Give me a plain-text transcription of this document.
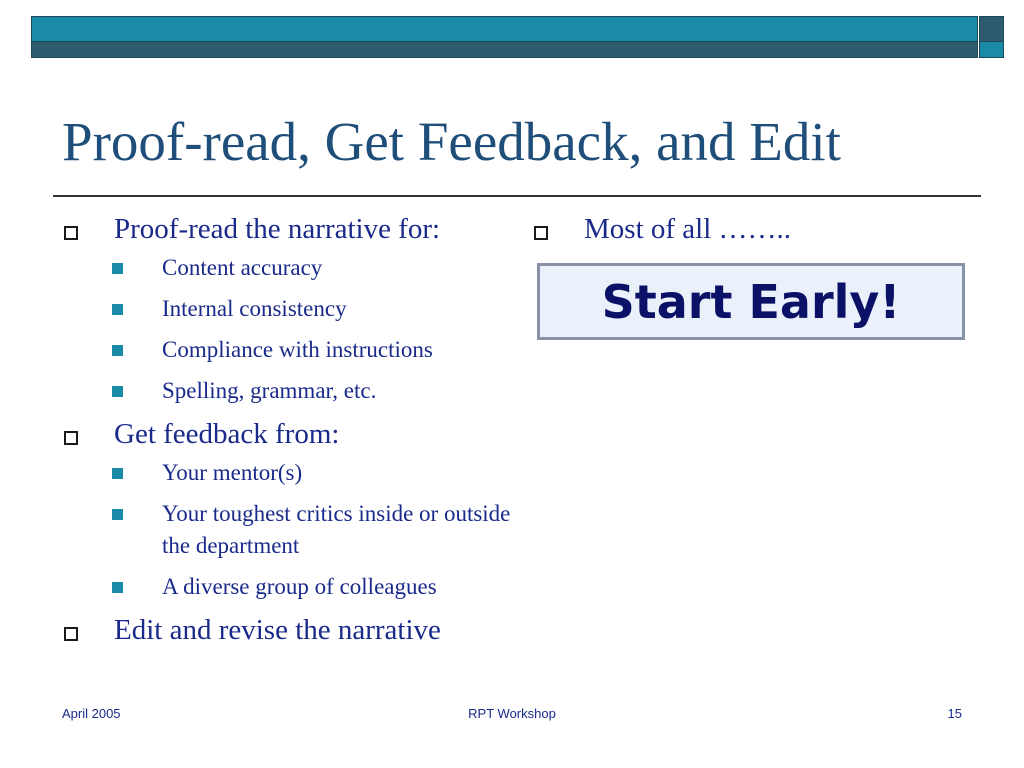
Proof-read, Get Feedback, and Edit
Proof-read the narrative for:
Content accuracy
Internal consistency
Compliance with instructions
Spelling, grammar, etc.
Get feedback from:
Your mentor(s)
Your toughest critics inside or outside the department
A diverse group of colleagues
Edit and revise the narrative
Most of all ……..
Start Early!
April 2005	RPT Workshop	15
